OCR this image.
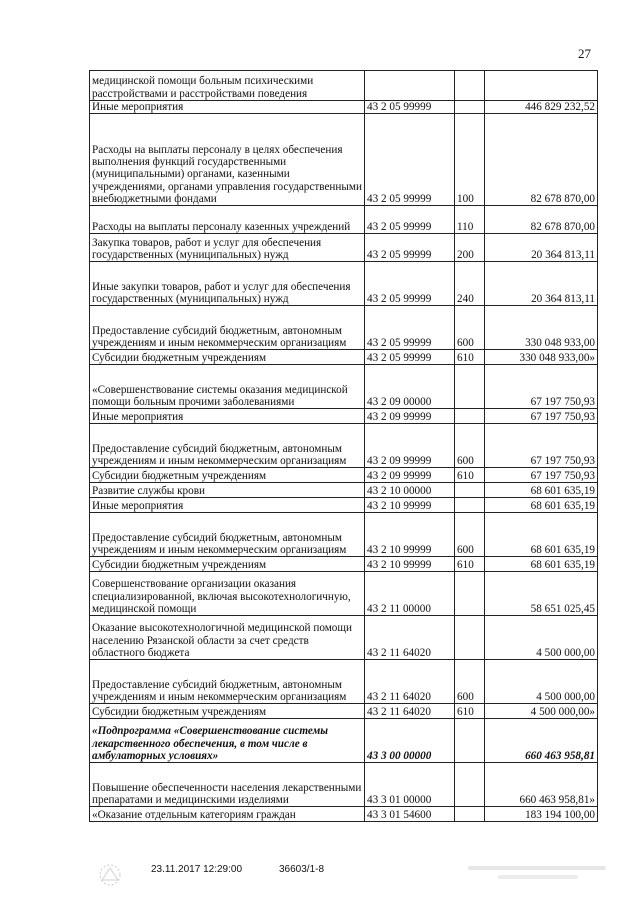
27
медицинской помощи больным психическими расстройствами и расстройствами поведения			
Иные мероприятия	43 2 05 99999		446 829 232,52
Расходы на выплаты персоналу в целях обеспечения выполнения функций государственными (муниципальными) органами, казенными учреждениями, органами управления государственными внебюджетными фондами	43 2 05 99999	100	82 678 870,00
Расходы на выплаты персоналу казенных учреждений	43 2 05 99999	110	82 678 870,00
Закупка товаров, работ и услуг для обеспечения государственных (муниципальных) нужд	43 2 05 99999	200	20 364 813,11
Иные закупки товаров, работ и услуг для обеспечения государственных (муниципальных) нужд	43 2 05 99999	240	20 364 813,11
Предоставление субсидий бюджетным, автономным учреждениям и иным некоммерческим организациям	43 2 05 99999	600	330 048 933,00
Субсидии бюджетным учреждениям	43 2 05 99999	610	330 048 933,00»
«Совершенствование системы оказания медицинской помощи больным прочими заболеваниями	43 2 09 00000		67 197 750,93
Иные мероприятия	43 2 09 99999		67 197 750,93
Предоставление субсидий бюджетным, автономным учреждениям и иным некоммерческим организациям	43 2 09 99999	600	67 197 750,93
Субсидии бюджетным учреждениям	43 2 09 99999	610	67 197 750,93
Развитие службы крови	43 2 10 00000		68 601 635,19
Иные мероприятия	43 2 10 99999		68 601 635,19
Предоставление субсидий бюджетным, автономным учреждениям и иным некоммерческим организациям	43 2 10 99999	600	68 601 635,19
Субсидии бюджетным учреждениям	43 2 10 99999	610	68 601 635,19
Совершенствование организации оказания специализированной, включая высокотехнологичную, медицинской помощи	43 2 11 00000		58 651 025,45
Оказание высокотехнологичной медицинской помощи населению Рязанской области за счет средств областного бюджета	43 2 11 64020		4 500 000,00
Предоставление субсидий бюджетным, автономным учреждениям и иным некоммерческим организациям	43 2 11 64020	600	4 500 000,00
Субсидии бюджетным учреждениям	43 2 11 64020	610	4 500 000,00»
«Подпрограмма «Совершенствование системы лекарственного обеспечения, в том числе в амбулаторных условиях»	43 3 00 00000		660 463 958,81
Повышение обеспеченности населения лекарственными препаратами и медицинскими изделиями	43 3 01 00000		660 463 958,81»
«Оказание отдельным категориям граждан	43 3 01 54600		183 194 100,00
23.11.2017 12:29:00	36603/1-8
